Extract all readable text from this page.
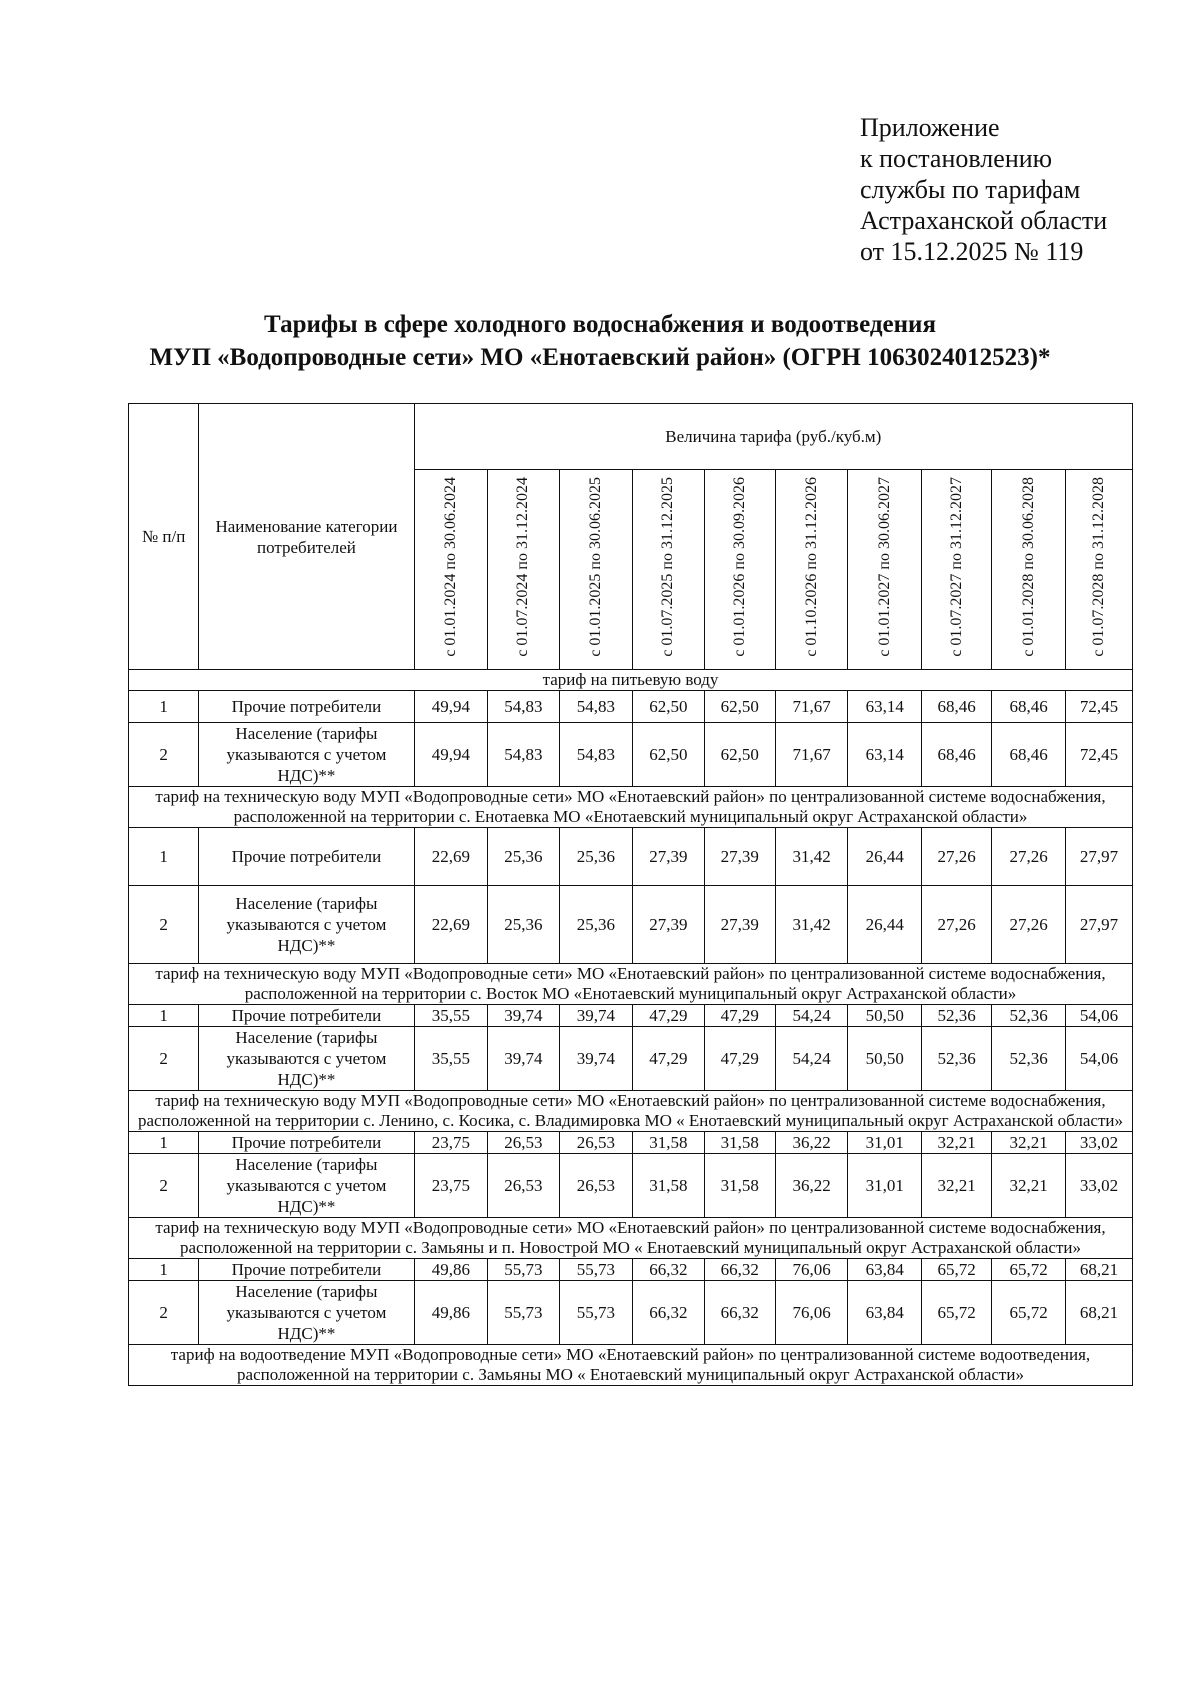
Приложение
к постановлению
службы по тарифам
Астраханской области
от 15.12.2025 № 119
Тарифы в сфере холодного водоснабжения и водоотведения
МУП «Водопроводные сети» МО «Енотаевский район» (ОГРН 1063024012523)*
№ п/п	Наименование категории потребителей	Величина тарифа (руб./куб.м)									
		с 01.01.2024 по 30.06.2024	с 01.07.2024 по 31.12.2024	с 01.01.2025 по 30.06.2025	с 01.07.2025 по 31.12.2025	с 01.01.2026 по 30.09.2026	с 01.10.2026 по 31.12.2026	с 01.01.2027 по 30.06.2027	с 01.07.2027 по 31.12.2027	с 01.01.2028 по 30.06.2028	с 01.07.2028 по 31.12.2028
тариф на питьевую воду											
1	Прочие потребители	49,94	54,83	54,83	62,50	62,50	71,67	63,14	68,46	68,46	72,45
2	Население (тарифы указываются с учетом НДС)**	49,94	54,83	54,83	62,50	62,50	71,67	63,14	68,46	68,46	72,45
тариф на техническую воду МУП «Водопроводные сети» МО «Енотаевский район» по централизованной системе водоснабжения, расположенной на территории с. Енотаевка МО «Енотаевский муниципальный округ Астраханской области»											
1	Прочие потребители	22,69	25,36	25,36	27,39	27,39	31,42	26,44	27,26	27,26	27,97
2	Население (тарифы указываются с учетом НДС)**	22,69	25,36	25,36	27,39	27,39	31,42	26,44	27,26	27,26	27,97
тариф на техническую воду МУП «Водопроводные сети» МО «Енотаевский район» по централизованной системе водоснабжения, расположенной на территории с. Восток МО «Енотаевский муниципальный округ Астраханской области»											
1	Прочие потребители	35,55	39,74	39,74	47,29	47,29	54,24	50,50	52,36	52,36	54,06
2	Население (тарифы указываются с учетом НДС)**	35,55	39,74	39,74	47,29	47,29	54,24	50,50	52,36	52,36	54,06
тариф на техническую воду МУП «Водопроводные сети» МО «Енотаевский район» по централизованной системе водоснабжения, расположенной на территории с. Ленино, с. Косика, с. Владимировка МО « Енотаевский муниципальный округ Астраханской области»											
1	Прочие потребители	23,75	26,53	26,53	31,58	31,58	36,22	31,01	32,21	32,21	33,02
2	Население (тарифы указываются с учетом НДС)**	23,75	26,53	26,53	31,58	31,58	36,22	31,01	32,21	32,21	33,02
тариф на техническую воду МУП «Водопроводные сети» МО «Енотаевский район» по централизованной системе водоснабжения, расположенной на территории с. Замьяны и п. Новострой МО « Енотаевский муниципальный округ Астраханской области»											
1	Прочие потребители	49,86	55,73	55,73	66,32	66,32	76,06	63,84	65,72	65,72	68,21
2	Население (тарифы указываются с учетом НДС)**	49,86	55,73	55,73	66,32	66,32	76,06	63,84	65,72	65,72	68,21
тариф на водоотведение МУП «Водопроводные сети» МО «Енотаевский район» по централизованной системе водоотведения, расположенной на территории с. Замьяны МО « Енотаевский муниципальный округ Астраханской области»											
